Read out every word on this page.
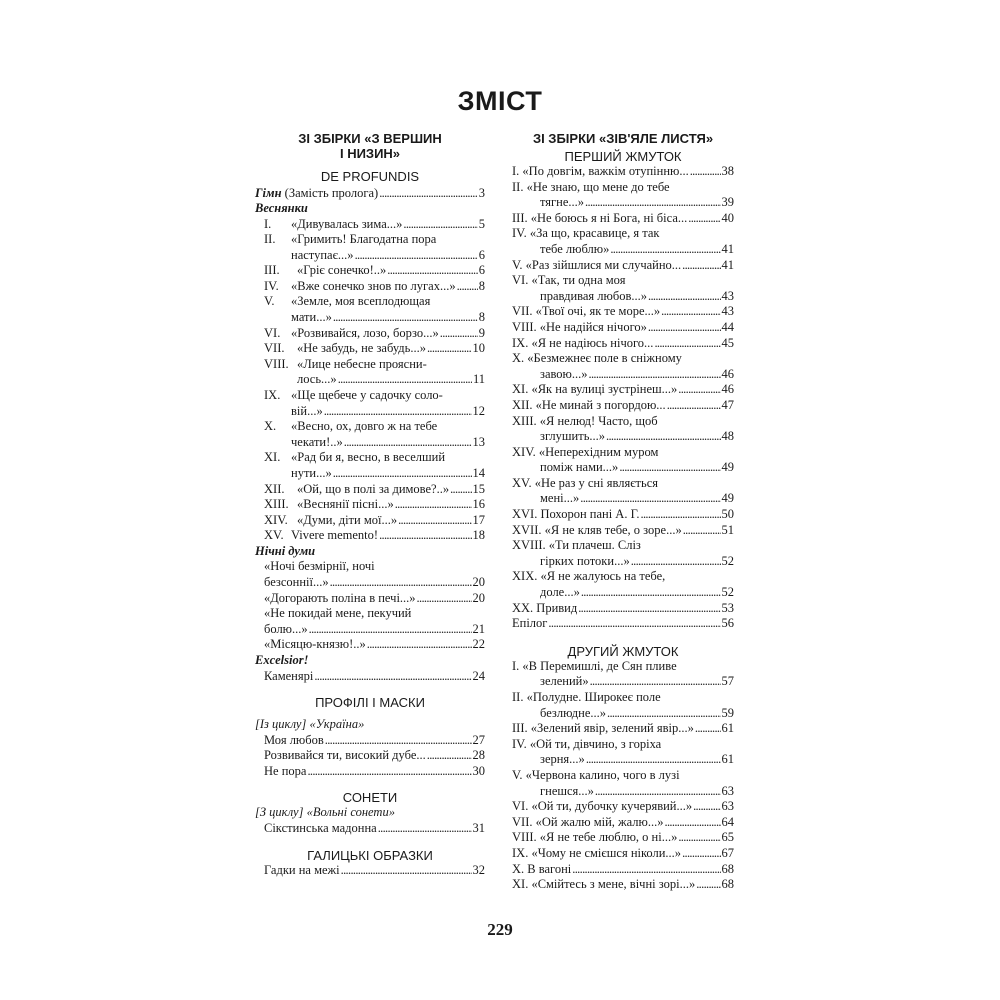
ЗМІСТ
ЗІ ЗБІРКИ «З ВЕРШИН
І НИЗИН»
DE PROFUNDIS
Гімн (Замість пролога) . . .	3
Веснянки
I. «Дивувалась зима...» . . .	5
II.	«Гримить! Благодатна пора
наступає...» . . .	6
III. «Гріє сонечко!..» . . .	6
IV. «Вже сонечко знов по лугах...» . . . 8
V.	«Земле, моя всеплодющая
мати...» . . .	8
VI. «Розвивайся, лозо, борзо...» . . .	9
VII. «Не забудь, не забудь...» . . .	10
VIII. «Лице небесне проясни-
лось...» . . .	11
IX. «Ще щебече у садочку соло-
вій...» . . .	12
X.	«Весно, ох, довго ж на тебе
чекати!..» . . .	13
XI. «Рад би я, весно, в веселший
нути...» . . .	14
XII. «Ой, що в полі за димове?..» . . . 15
XIII. «Веснянії пісні...» . . .	16
XIV. «Думи, діти мої...» . . .	17
XV. Vivere memento! . . .	18
Нічні думи
«Ночі безмірнії, ночі
безсоннії...» . . .	20
«Догорають поліна в печі...» . . .	20
«Не покидай мене, пекучий
болю...» . . .	21
«Місяцю-князю!..» . . .	22
Excelsior!
Каменярі . . .	24
ПРОФІЛІ І МАСКИ
[Із циклу] «Україна»
Моя любов . . .	27
Розвивайся ти, високий дубе... . . .	28
Не пора . . .	30
СОНЕТИ
[З циклу] «Вольні сонети»
Сікстинська мадонна . . .	31
ГАЛИЦЬКІ ОБРАЗКИ
Гадки на межі . . .	32
ЗІ ЗБІРКИ «ЗІВ'ЯЛЕ ЛИСТЯ»
ПЕРШИЙ ЖМУТОК
I. «По довгім, важкім отупінню... . . .	38
II. «Не знаю, що мене до тебе
тягне...» . . .	39
III. «Не боюсь я ні Бога, ні біса... . . .	40
IV. «За що, красавице, я так
тебе люблю» . . .	41
V. «Раз зійшлися ми случайно... . . .	41
VI. «Так, ти одна моя
правдивая любов...» . . .	43
VII. «Твої очі, як те море...» . . .	43
VIII. «Не надійся нічого» . . .	44
IX. «Я не надіюсь нічого... . . .	45
X. «Безмежнеє поле в сніжному
завою...» . . .	46
XI. «Як на вулиці зустрінеш...» . . .	46
XII. «Не минай з погордою... . . .	47
XIII. «Я нелюд! Часто, щоб
зглушить...» . . .	48
XIV. «Неперехідним муром
поміж нами...» . . .	49
XV. «Не раз у сні являється
мені...» . . .	49
XVI. Похорон пані А. Г. . . .	50
XVII. «Я не кляв тебе, о зоре...» . . .	51
XVIII. «Ти плачеш. Сліз
гірких потоки...» . . .	52
XIX. «Я не жалуюсь на тебе,
доле...» . . .	52
XX. Привид . . .	53
Епілог . . .	56
ДРУГИЙ ЖМУТОК
I. «В Перемишлі, де Сян пливе
зелений» . . .	57
II. «Полудне. Широкеє поле
безлюдне...» . . .	59
III. «Зелений явір, зелений явір...» . . . 61
IV. «Ой ти, дівчино, з горіха
зерня...» . . .	61
V. «Червона калино, чого в лузі
гнешся...» . . .	63
VI. «Ой ти, дубочку кучерявий...» . . . 63
VII. «Ой жалю мій, жалю...» . . .	64
VIII. «Я не тебе люблю, о ні...» . . .	65
IX. «Чому не смієшся ніколи...» . . .	67
X. В вагоні . . .	68
XI. «Смійтесь з мене, вічні зорі...» . . . 68
229
